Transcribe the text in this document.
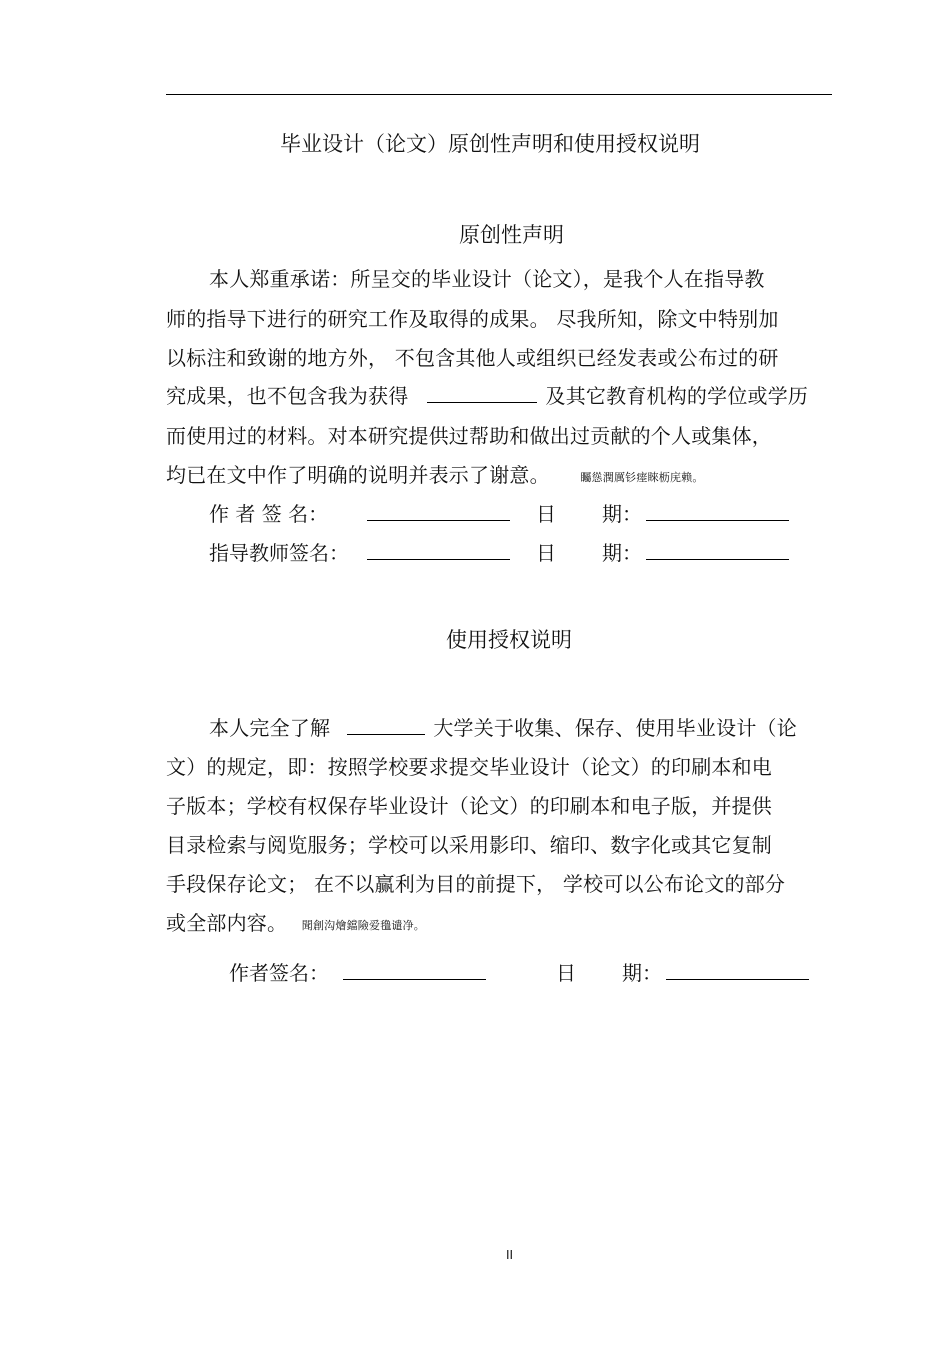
毕业设计（论文）原创性声明和使用授权说明
原创性声明
本人郑重承诺：所呈交的毕业设计（论文），是我个人在指导教
师的指导下进行的研究工作及取得的成果。 尽我所知，除文中特别加
以标注和致谢的地方外， 不包含其他人或组织已经发表或公布过的研
究成果，也不包含我为获得	及其它教育机构的学位或学历
而使用过的材料。对本研究提供过帮助和做出过贡献的个人或集体，
均已在文中作了明确的说明并表示了谢意。	矚慫潤厲钐瘗睞枥庑赖。
作 者 签 名：	日 期：
指导教师签名：	日 期：
使用授权说明
本人完全了解	大学关于收集、保存、使用毕业设计（论
文）的规定，即：按照学校要求提交毕业设计（论文）的印刷本和电
子版本；学校有权保存毕业设计（论文）的印刷本和电子版，并提供
目录检索与阅览服务；学校可以采用影印、缩印、数字化或其它复制
手段保存论文； 在不以赢利为目的前提下， 学校可以公布论文的部分
或全部内容。 聞創沟燴鐺險爱氇谴净。
作者签名：	日 期：
II
